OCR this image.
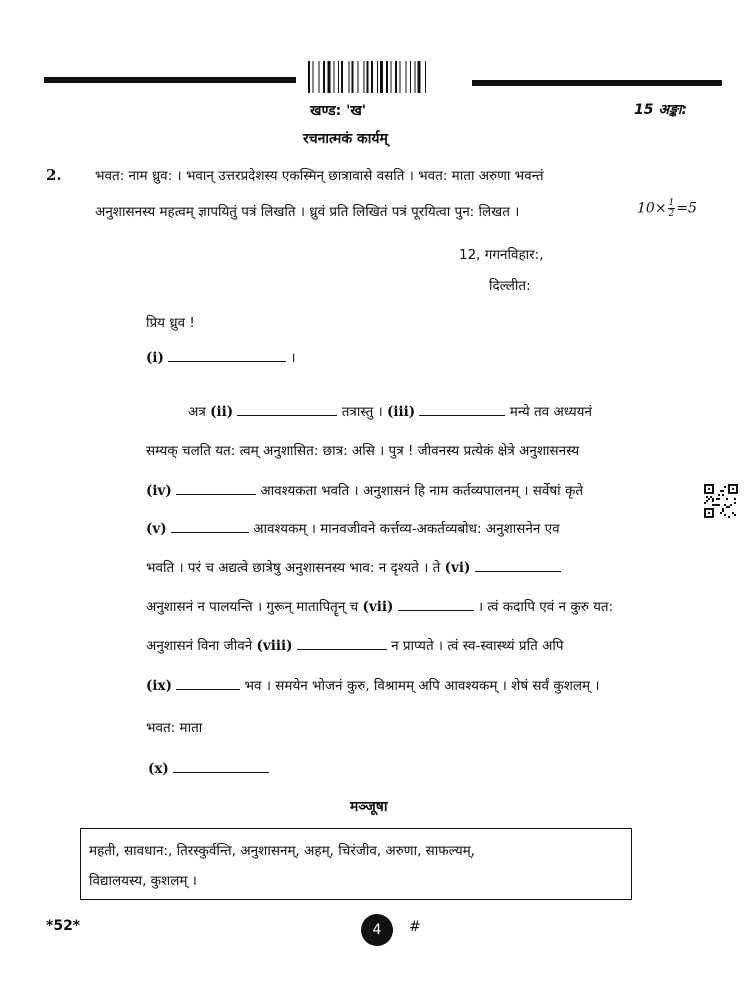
खण्ड: 'ख'	15 अङ्का:
रचनात्मकं कार्यम्
2. भवत: नाम ध्रुव: । भवान् उत्तरप्रदेशस्य एकस्मिन् छात्रावासे वसति । भवत: माता अरुणा भवन्तं
अनुशासनस्य महत्वम् ज्ञापयितुं पत्रं लिखति । ध्रुवं प्रति लिखितं पत्रं पूरयित्वा पुन: लिखत ।	$10\times \frac{1}{2} =5$
12, गगनविहार:,
दिल्लीत:
प्रिय ध्रुव !
(i)	।
अत्र (ii)	तत्रास्तु । (iii)	मन्ये तव अध्ययनं
सम्यक् चलति यत: त्वम् अनुशासित: छात्र: असि । पुत्र ! जीवनस्य प्रत्येकं क्षेत्रे अनुशासनस्य
(iv)	आवश्यकता भवति । अनुशासनं हि नाम कर्तव्यपालनम् । सर्वेषां कृते
(v)	आवश्यकम् । मानवजीवने कर्त्तव्य-अकर्तव्यबोध: अनुशासनेन एव
भवति । परं च अद्यत्वे छात्रेषु अनुशासनस्य भाव: न दृश्यते । ते (vi)
अनुशासनं न पालयन्ति । गुरून् मातापितॄन् च (vii)	। त्वं कदापि एवं न कुरु यत:
अनुशासनं विना जीवने (viii)	न प्राप्यते । त्वं स्व-स्वास्थ्यं प्रति अपि
(ix)	भव । समयेन भोजनं कुरु, विश्रामम् अपि आवश्यकम् । शेषं सर्वं कुशलम् ।
भवत: माता
(x)
मञ्जूषा

महती, सावधान:, तिरस्कुर्वन्ति, अनुशासनम्, अहम्, चिरंजीव, अरुणा, साफल्यम्,

विद्यालयस्य, कुशलम् ।

*52*	4 #
